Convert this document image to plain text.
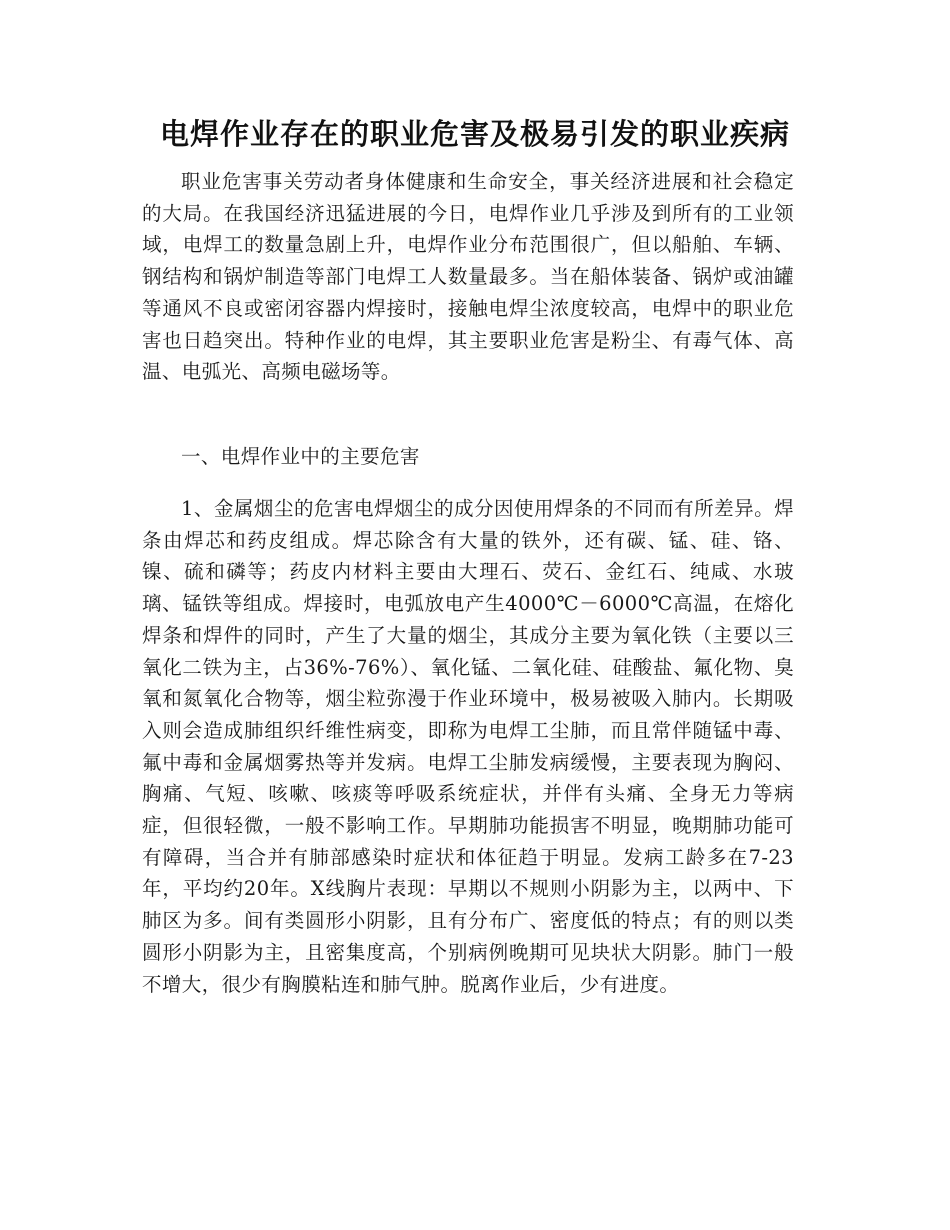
电焊作业存在的职业危害及极易引发的职业疾病

职业危害事关劳动者身体健康和生命安全，事关经济进展和社会稳定的大局。在我国经济迅猛进展的今日，电焊作业几乎涉及到所有的工业领域，电焊工的数量急剧上升，电焊作业分布范围很广，但以船舶、车辆、钢结构和锅炉制造等部门电焊工人数量最多。当在船体装备、锅炉或油罐等通风不良或密闭容器内焊接时，接触电焊尘浓度较高，电焊中的职业危害也日趋突出。特种作业的电焊，其主要职业危害是粉尘、有毒气体、高温、电弧光、高频电磁场等。

一、电焊作业中的主要危害

1、金属烟尘的危害电焊烟尘的成分因使用焊条的不同而有所差异。焊条由焊芯和药皮组成。焊芯除含有大量的铁外，还有碳、锰、硅、铬、镍、硫和磷等；药皮内材料主要由大理石、荧石、金红石、纯咸、水玻璃、锰铁等组成。焊接时，电弧放电产生4000℃－6000℃高温，在熔化焊条和焊件的同时，产生了大量的烟尘，其成分主要为氧化铁（主要以三氧化二铁为主，占36%-76%）、氧化锰、二氧化硅、硅酸盐、氟化物、臭氧和氮氧化合物等，烟尘粒弥漫于作业环境中，极易被吸入肺内。长期吸入则会造成肺组织纤维性病变，即称为电焊工尘肺，而且常伴随锰中毒、氟中毒和金属烟雾热等并发病。电焊工尘肺发病缓慢，主要表现为胸闷、胸痛、气短、咳嗽、咳痰等呼吸系统症状，并伴有头痛、全身无力等病症，但很轻微，一般不影响工作。早期肺功能损害不明显，晚期肺功能可有障碍，当合并有肺部感染时症状和体征趋于明显。发病工龄多在7-23年，平均约20年。X线胸片表现：早期以不规则小阴影为主，以两中、下肺区为多。间有类圆形小阴影，且有分布广、密度低的特点；有的则以类圆形小阴影为主，且密集度高，个别病例晚期可见块状大阴影。肺门一般不增大，很少有胸膜粘连和肺气肿。脱离作业后，少有进度。
